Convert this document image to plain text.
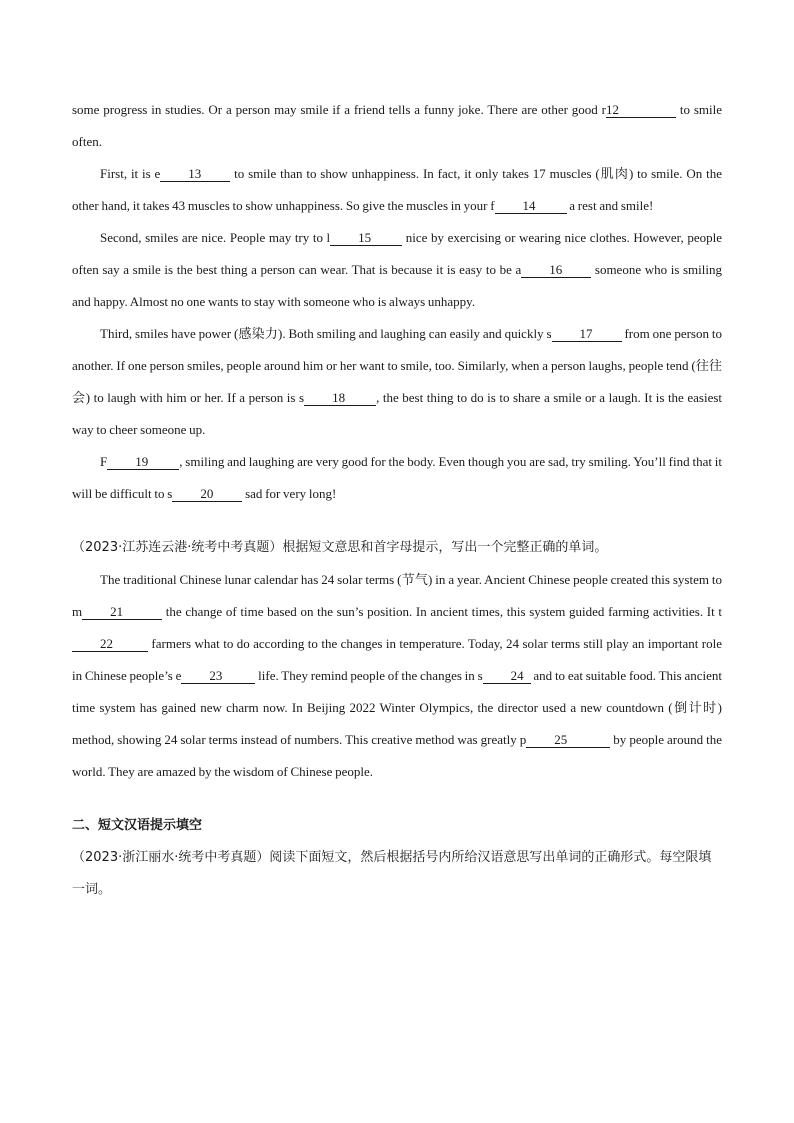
some progress in studies. Or a person may smile if a friend tells a funny joke. There are other good r12	to smile often.

First, it is e 13 to smile than to show unhappiness. In fact, it only takes 17 muscles (肌肉) to smile. On the other hand, it takes 43 muscles to show unhappiness. So give the muscles in your f 14 a rest and smile!

Second, smiles are nice. People may try to l 15 nice by exercising or wearing nice clothes. However, people often say a smile is the best thing a person can wear. That is because it is easy to be a 16 someone who is smiling and happy. Almost no one wants to stay with someone who is always unhappy.

Third, smiles have power (感染力). Both smiling and laughing can easily and quickly s 17 from one person to another. If one person smiles, people around him or her want to smile, too. Similarly, when a person laughs, people tend (往往会) to laugh with him or her. If a person is s 18 , the best thing to do is to share a smile or a laugh. It is the easiest way to cheer someone up.

F 19 , smiling and laughing are very good for the body. Even though you are sad, try smiling. You’ll find that it will be difficult to s 20 sad for very long!

（2023·江苏连云港·统考中考真题）根据短文意思和首字母提示，写出一个完整正确的单词。

The traditional Chinese lunar calendar has 24 solar terms (节气) in a year. Ancient Chinese people created this system to m 21	the change of time based on the sun’s position. In ancient times, this system guided farming activities. It t22	farmers what to do according to the changes in temperature. Today, 24 solar terms still play an important role in Chinese people’s e 23	life. They remind people of the changes in s 24 and to eat suitable food. This ancient time system has gained new charm now. In Beijing 2022 Winter Olympics, the director used a new countdown (倒计时) method, showing 24 solar terms instead of numbers. This creative method was greatly p 25	by people around the world. They are amazed by the wisdom of Chinese people.

二、短文汉语提示填空

（2023·浙江丽水·统考中考真题）阅读下面短文，然后根据括号内所给汉语意思写出单词的正确形式。每空限填一词。
